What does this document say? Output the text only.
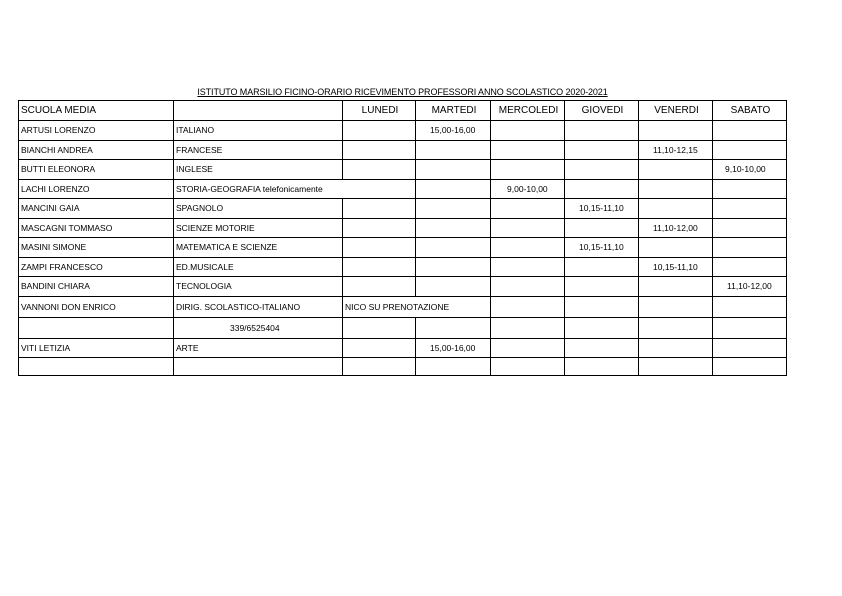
ISTITUTO MARSILIO FICINO-ORARIO RICEVIMENTO PROFESSORI ANNO SCOLASTICO 2020-2021
SCUOLA MEDIA		LUNEDI	MARTEDI	MERCOLEDI	GIOVEDI	VENERDI	SABATO
ARTUSI LORENZO	ITALIANO		15,00-16,00				
BIANCHI ANDREA	FRANCESE					11,10-12,15	
BUTTI ELEONORA	INGLESE						9,10-10,00
LACHI LORENZO	STORIA-GEOGRAFIA telefonicamente			9,00-10,00			
MANCINI GAIA	SPAGNOLO				10,15-11,10		
MASCAGNI TOMMASO	SCIENZE MOTORIE					11,10-12,00	
MASINI SIMONE	MATEMATICA E SCIENZE				10,15-11,10		
ZAMPI FRANCESCO	ED.MUSICALE					10,15-11,10	
BANDINI CHIARA	TECNOLOGIA						11,10-12,00
VANNONI DON ENRICO	DIRIG. SCOLASTICO-ITALIANO	NICO SU PRENOTAZIONE					
	339/6525404						
VITI LETIZIA	ARTE		15,00-16,00				
